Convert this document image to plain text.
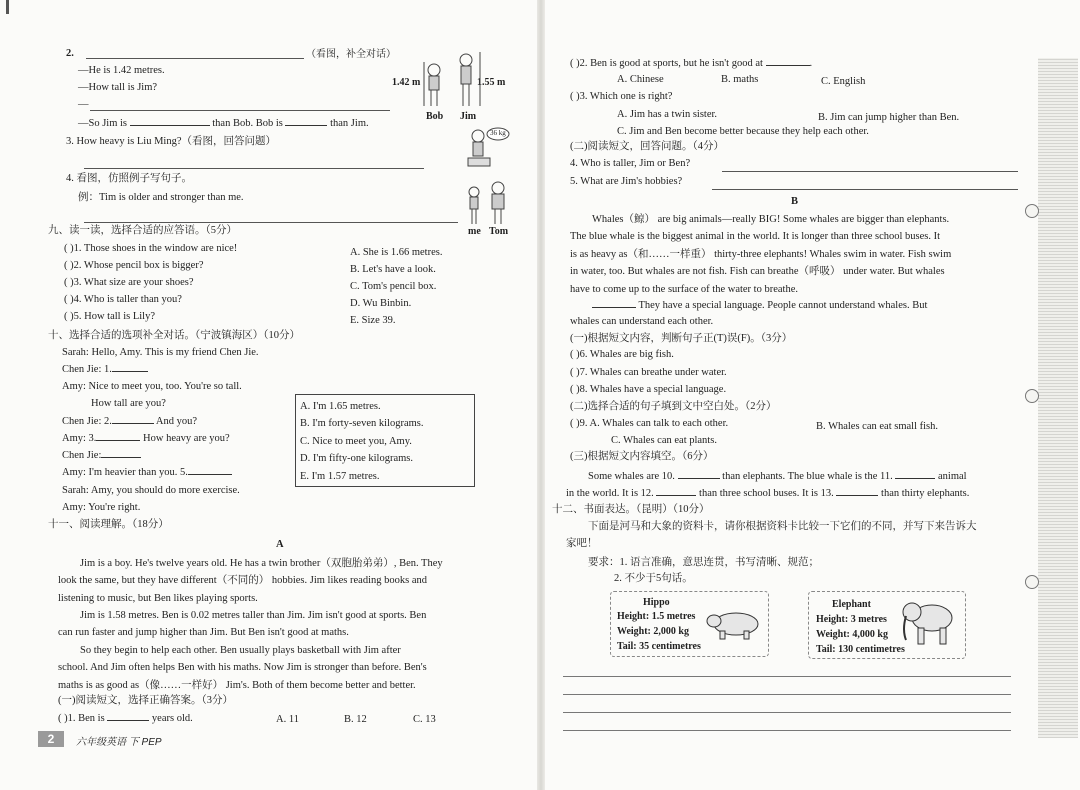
2.	（看图，补全对话）
—He is 1.42 metres.
—How tall is Jim?
—
—So Jim is	than Bob. Bob is	than Jim.
1.42 m	1.55 m
Bob Jim
3. How heavy is Liu Ming?（看图，回答问题）
36 kg
4. 看图，仿照例子写句子。
例：Tim is older and stronger than me.
me Tom
九、读一读，选择合适的应答语。（5分）
( )1. Those shoes in the window are nice!
( )2. Whose pencil box is bigger?
( )3. What size are your shoes?
( )4. Who is taller than you?
( )5. How tall is Lily?
A. She is 1.66 metres.
B. Let's have a look.
C. Tom's pencil box.
D. Wu Binbin.
E. Size 39.
十、选择合适的选项补全对话。（宁波镇海区）（10分）
Sarah: Hello, Amy. This is my friend Chen Jie.
Chen Jie: 1.
Amy: Nice to meet you, too. You're so tall.
How tall are you?
Chen Jie: 2.	And you?
Amy: 3.	How heavy are you?
Chen Jie:
Amy: I'm heavier than you. 5.
Sarah: Amy, you should do more exercise.
Amy: You're right.
A. I'm 1.65 metres.
B. I'm forty-seven kilograms.
C. Nice to meet you, Amy.
D. I'm fifty-one kilograms.
E. I'm 1.57 metres.
十一、阅读理解。（18分）
A
Jim is a boy. He's twelve years old. He has a twin brother（双胞胎弟弟）, Ben. They
look the same, but they have different（不同的） hobbies. Jim likes reading books and
listening to music, but Ben likes playing sports.
Jim is 1.58 metres. Ben is 0.02 metres taller than Jim. Jim isn't good at sports. Ben
can run faster and jump higher than Jim. But Ben isn't good at maths.
So they begin to help each other. Ben usually plays basketball with Jim after
school. And Jim often helps Ben with his maths. Now Jim is stronger than before. Ben's
maths is as good as（像……一样好） Jim's. Both of them become better and better.
(一)阅读短文，选择正确答案。（3分）
( )1. Ben is	years old.	A. 11	B. 12	C. 13
2	六年级英语 下 PEP
( )2. Ben is good at sports, but he isn't good at	.
A. Chinese	B. maths	C. English
( )3. Which one is right?
A. Jim has a twin sister.	B. Jim can jump higher than Ben.
C. Jim and Ben become better because they help each other.
(二)阅读短文，回答问题。（4分）
4. Who is taller, Jim or Ben?
5. What are Jim's hobbies?
B
Whales（鲸） are big animals—really BIG! Some whales are bigger than elephants.
The blue whale is the biggest animal in the world. It is longer than three school buses. It
is as heavy as（和……一样重） thirty-three elephants! Whales swim in water. Fish swim
in water, too. But whales are not fish. Fish can breathe（呼吸） under water. But whales
have to come up to the surface of the water to breathe.
They have a special language. People cannot understand whales. But
whales can understand each other.
(一)根据短文内容，判断句子正(T)误(F)。（3分）
( )6. Whales are big fish.
( )7. Whales can breathe under water.
( )8. Whales have a special language.
(二)选择合适的句子填到文中空白处。（2分）
( )9. A. Whales can talk to each other.	B. Whales can eat small fish.
C. Whales can eat plants.
(三)根据短文内容填空。（6分）
Some whales are 10.	than elephants. The blue whale is the 11.	animal
in the world. It is 12.	than three school buses. It is 13.	than thirty elephants.
十二、书面表达。（昆明）（10分）
下面是河马和大象的资料卡，请你根据资料卡比较一下它们的不同，并写下来告诉大
家吧！
要求：1. 语言准确，意思连贯，书写清晰、规范；
2. 不少于5句话。
Hippo
Height: 1.5 metres
Weight: 2,000 kg
Tail: 35 centimetres
Elephant
Height: 3 metres
Weight: 4,000 kg
Tail: 130 centimetres
